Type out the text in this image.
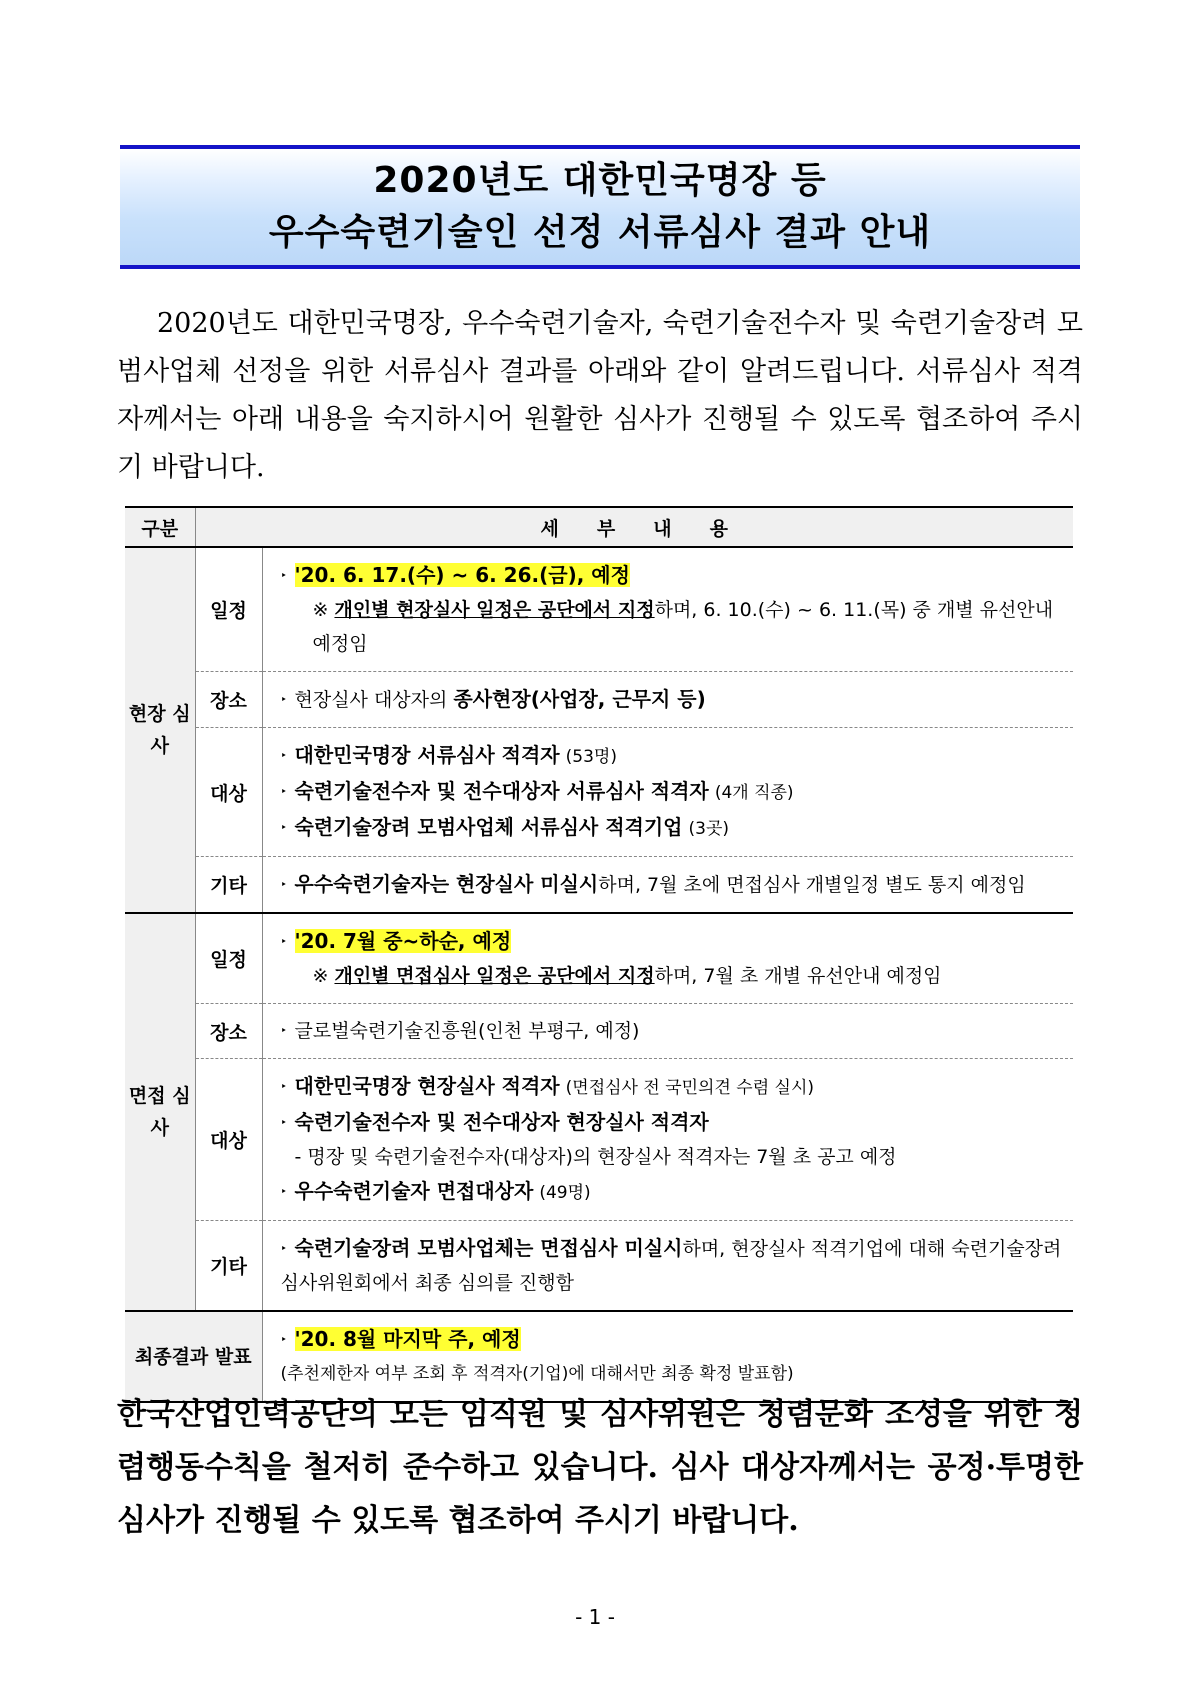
2020년도 대한민국명장 등
우수숙련기술인 선정 서류심사 결과 안내

2020년도 대한민국명장, 우수숙련기술자, 숙련기술전수자 및 숙련기술장려 모범사업체 선정을 위한 서류심사 결과를 아래와 같이 알려드립니다. 서류심사 적격자께서는 아래 내용을 숙지하시어 원활한 심사가 진행될 수 있도록 협조하여 주시기 바랍니다.

구분	세부내용	
현장 심사	일정	‣ '20. 6. 17.(수) ~ 6. 26.(금), 예정
※ 개인별 현장실사 일정은 공단에서 지정하며, 6. 10.(수) ~ 6. 11.(목) 중 개별 유선안내 예정임

	장소	‣ 현장실사 대상자의 종사현장(사업장, 근무지 등)
	대상	‣ 대한민국명장 서류심사 적격자 (53명)
‣ 숙련기술전수자 및 전수대상자 서류심사 적격자 (4개 직종)
‣ 숙련기술장려 모범사업체 서류심사 적격기업 (3곳)

	기타	‣ 우수숙련기술자는 현장실사 미실시하며, 7월 초에 면접심사 개별일정 별도 통지 예정임
면접 심사	일정	‣ '20. 7월 중~하순, 예정
※ 개인별 면접심사 일정은 공단에서 지정하며, 7월 초 개별 유선안내 예정임

	장소	‣ 글로벌숙련기술진흥원(인천 부평구, 예정)
	대상	‣ 대한민국명장 현장실사 적격자 (면접심사 전 국민의견 수렴 실시)
‣ 숙련기술전수자 및 전수대상자 현장실사 적격자
- 명장 및 숙련기술전수자(대상자)의 현장실사 적격자는 7월 초 공고 예정
‣ 우수숙련기술자 면접대상자 (49명)

	기타	‣ 숙련기술장려 모범사업체는 면접심사 미실시하며, 현장실사 적격기업에 대해 숙련기술장려 심사위원회에서 최종 심의를 진행함
최종결과 발표		‣ '20. 8월 마지막 주, 예정
(추천제한자 여부 조회 후 적격자(기업)에 대해서만 최종 확정 발표함)

한국산업인력공단의 모든 임직원 및 심사위원은 청렴문화 조성을 위한 청렴행동수칙을 철저히 준수하고 있습니다. 심사 대상자께서는 공정·투명한 심사가 진행될 수 있도록 협조하여 주시기 바랍니다.

- 1 -
